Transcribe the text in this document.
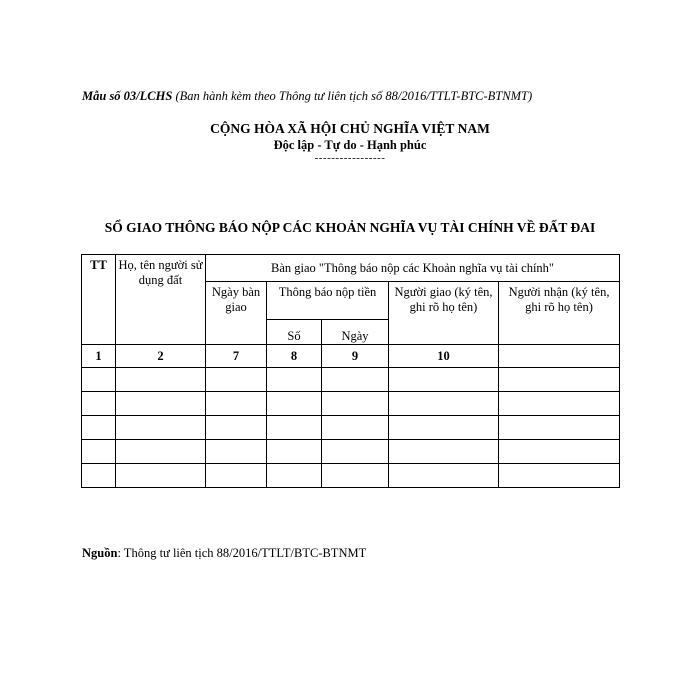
Mẫu số 03/LCHS (Ban hành kèm theo Thông tư liên tịch số 88/2016/TTLT-BTC-BTNMT)
CỘNG HÒA XÃ HỘI CHỦ NGHĨA VIỆT NAM
Độc lập - Tự do - Hạnh phúc
-----------------
SỔ GIAO THÔNG BÁO NỘP CÁC KHOẢN NGHĨA VỤ TÀI CHÍNH VỀ ĐẤT ĐAI
TT	Họ, tên người sử dụng đất	Bàn giao "Thông báo nộp các Khoản nghĩa vụ tài chính"				
		Ngày bàn giao	Thông báo nộp tiền		Người giao (ký tên, ghi rõ họ tên)	Người nhận (ký tên, ghi rõ họ tên)
			Số	Ngày		
1	2	7	8	9	10	

Nguồn: Thông tư liên tịch 88/2016/TTLT/BTC-BTNMT
